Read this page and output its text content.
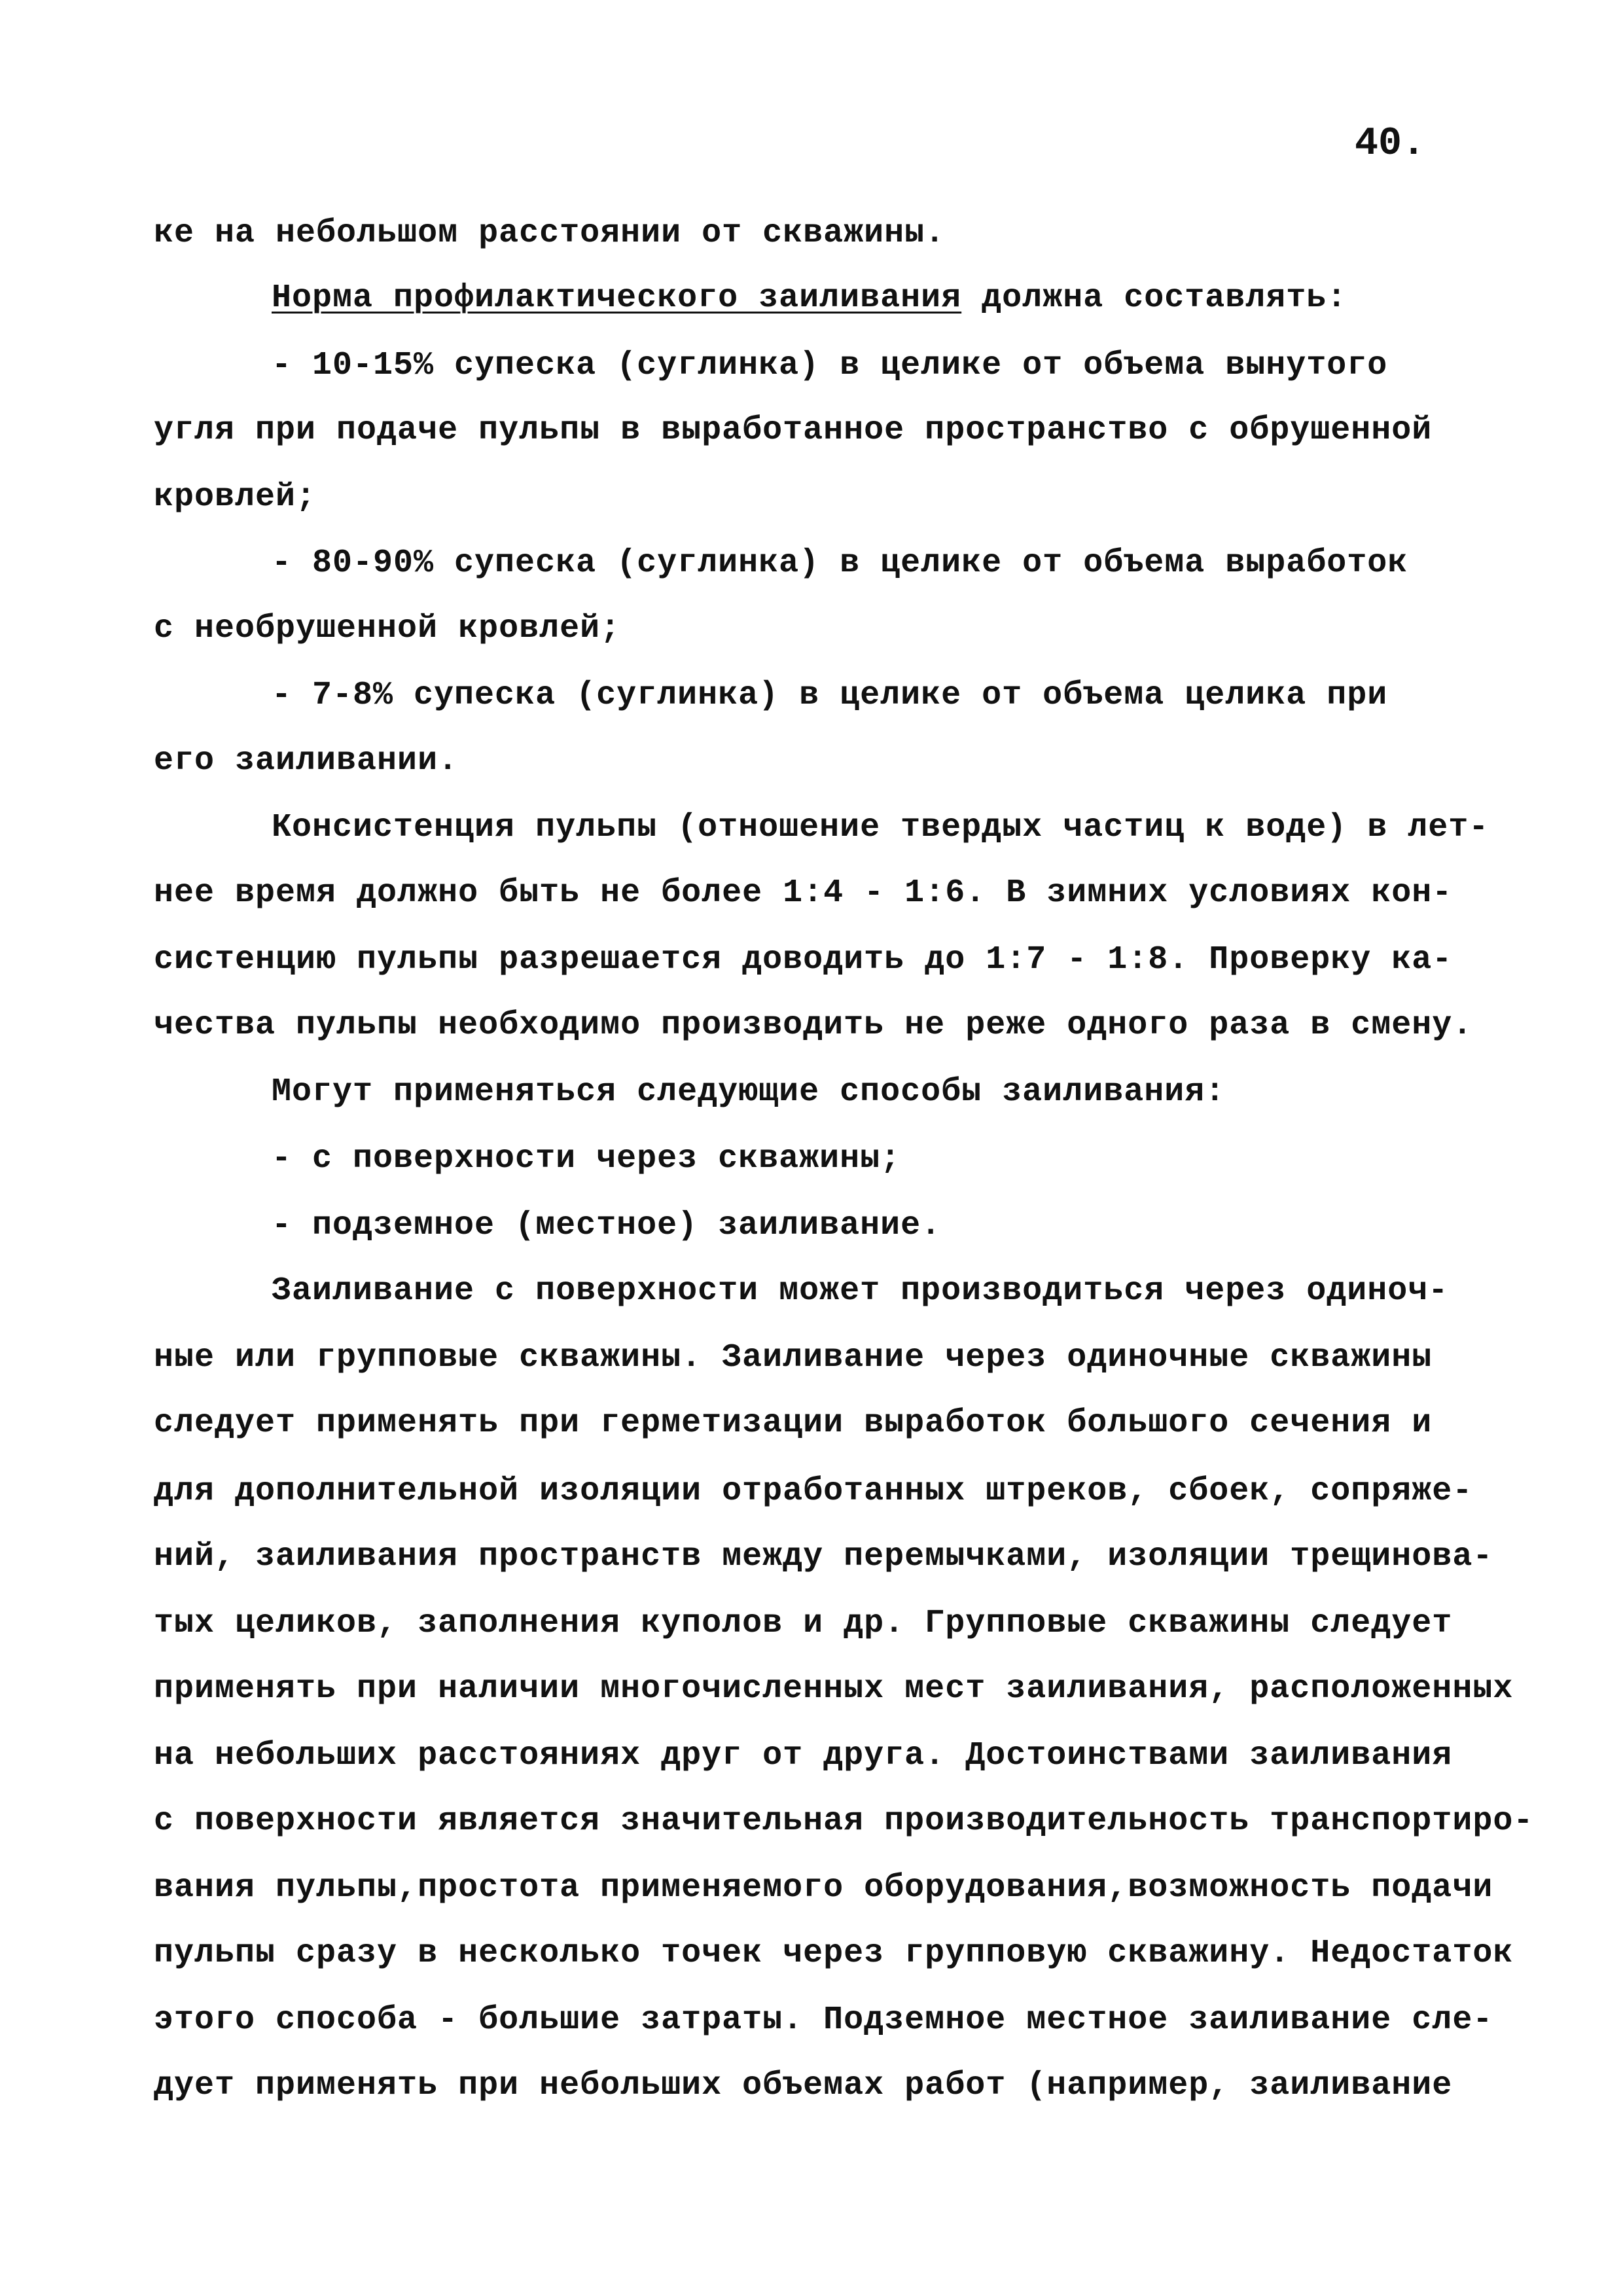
40.
ке на небольшом расстоянии от скважины.
Норма профилактического заиливания должна составлять:
- 10-15% супеска (суглинка) в целике от объема вынутого
угля при подаче пульпы в выработанное пространство с обрушенной
кровлей;
- 80-90% супеска (суглинка) в целике от объема выработок
с необрушенной кровлей;
- 7-8% супеска (суглинка) в целике от объема целика при
его заиливании.
Консистенция пульпы (отношение твердых частиц к воде) в лет-
нее время должно быть не более 1:4 - 1:6. В зимних условиях кон-
систенцию пульпы разрешается доводить до 1:7 - 1:8. Проверку ка-
чества пульпы необходимо производить не реже одного раза в смену.
Могут применяться следующие способы заиливания:
- с поверхности через скважины;
- подземное (местное) заиливание.
Заиливание с поверхности может производиться через одиноч-
ные или групповые скважины. Заиливание через одиночные скважины
следует применять при герметизации выработок большого сечения и
для дополнительной изоляции отработанных штреков, сбоек, сопряже-
ний, заиливания пространств между перемычками, изоляции трещинова-
тых целиков, заполнения куполов и др. Групповые скважины следует
применять при наличии многочисленных мест заиливания, расположенных
на небольших расстояниях друг от друга. Достоинствами заиливания
с поверхности является значительная производительность транспортиро-
вания пульпы,простота применяемого оборудования,возможность подачи
пульпы сразу в несколько точек через групповую скважину. Недостаток
этого способа - большие затраты. Подземное местное заиливание сле-
дует применять при небольших объемах работ (например, заиливание
